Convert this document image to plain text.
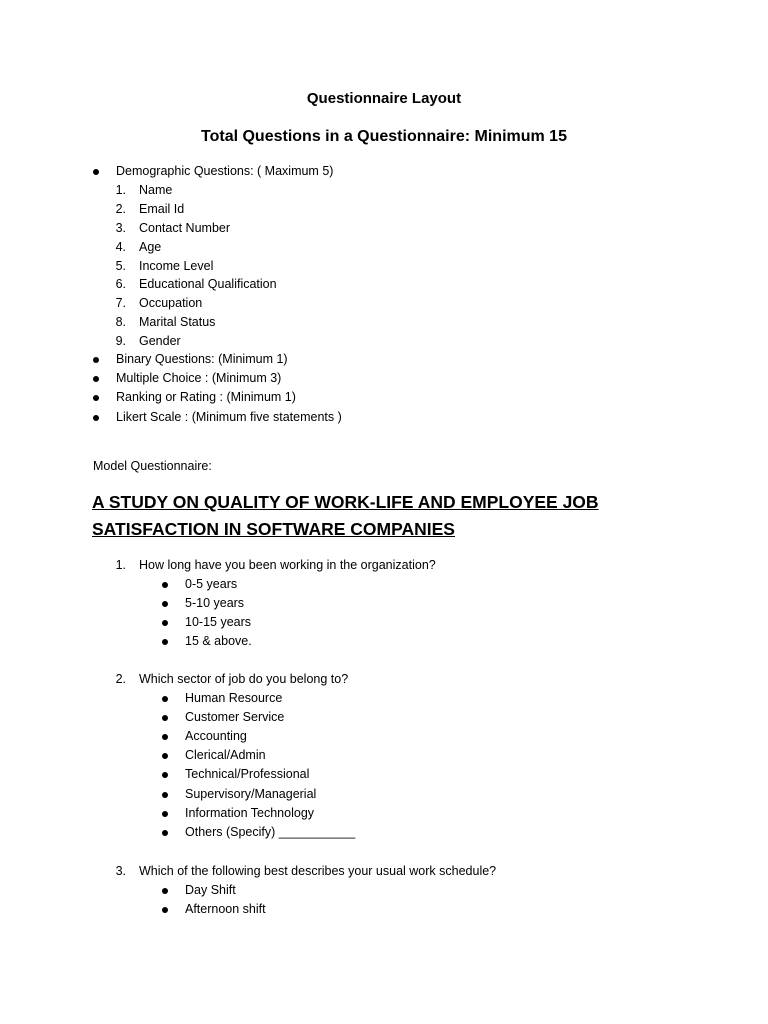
Questionnaire Layout
Total Questions in a Questionnaire: Minimum 15
Demographic Questions: ( Maximum 5)
1. Name
2. Email Id
3. Contact Number
4. Age
5. Income Level
6. Educational Qualification
7. Occupation
8. Marital Status
9. Gender
Binary Questions: (Minimum 1)
Multiple Choice : (Minimum 3)
Ranking or Rating : (Minimum 1)
Likert Scale : (Minimum five statements )
Model Questionnaire:
A STUDY ON QUALITY OF WORK-LIFE AND EMPLOYEE JOB
SATISFACTION IN SOFTWARE COMPANIES
1. How long have you been working in the organization?
0-5 years
5-10 years
10-15 years
15 & above.
2. Which sector of job do you belong to?
Human Resource
Customer Service
Accounting
Clerical/Admin
Technical/Professional
Supervisory/Managerial
Information Technology
Others (Specify) ___________
3. Which of the following best describes your usual work schedule?
Day Shift
Afternoon shift
